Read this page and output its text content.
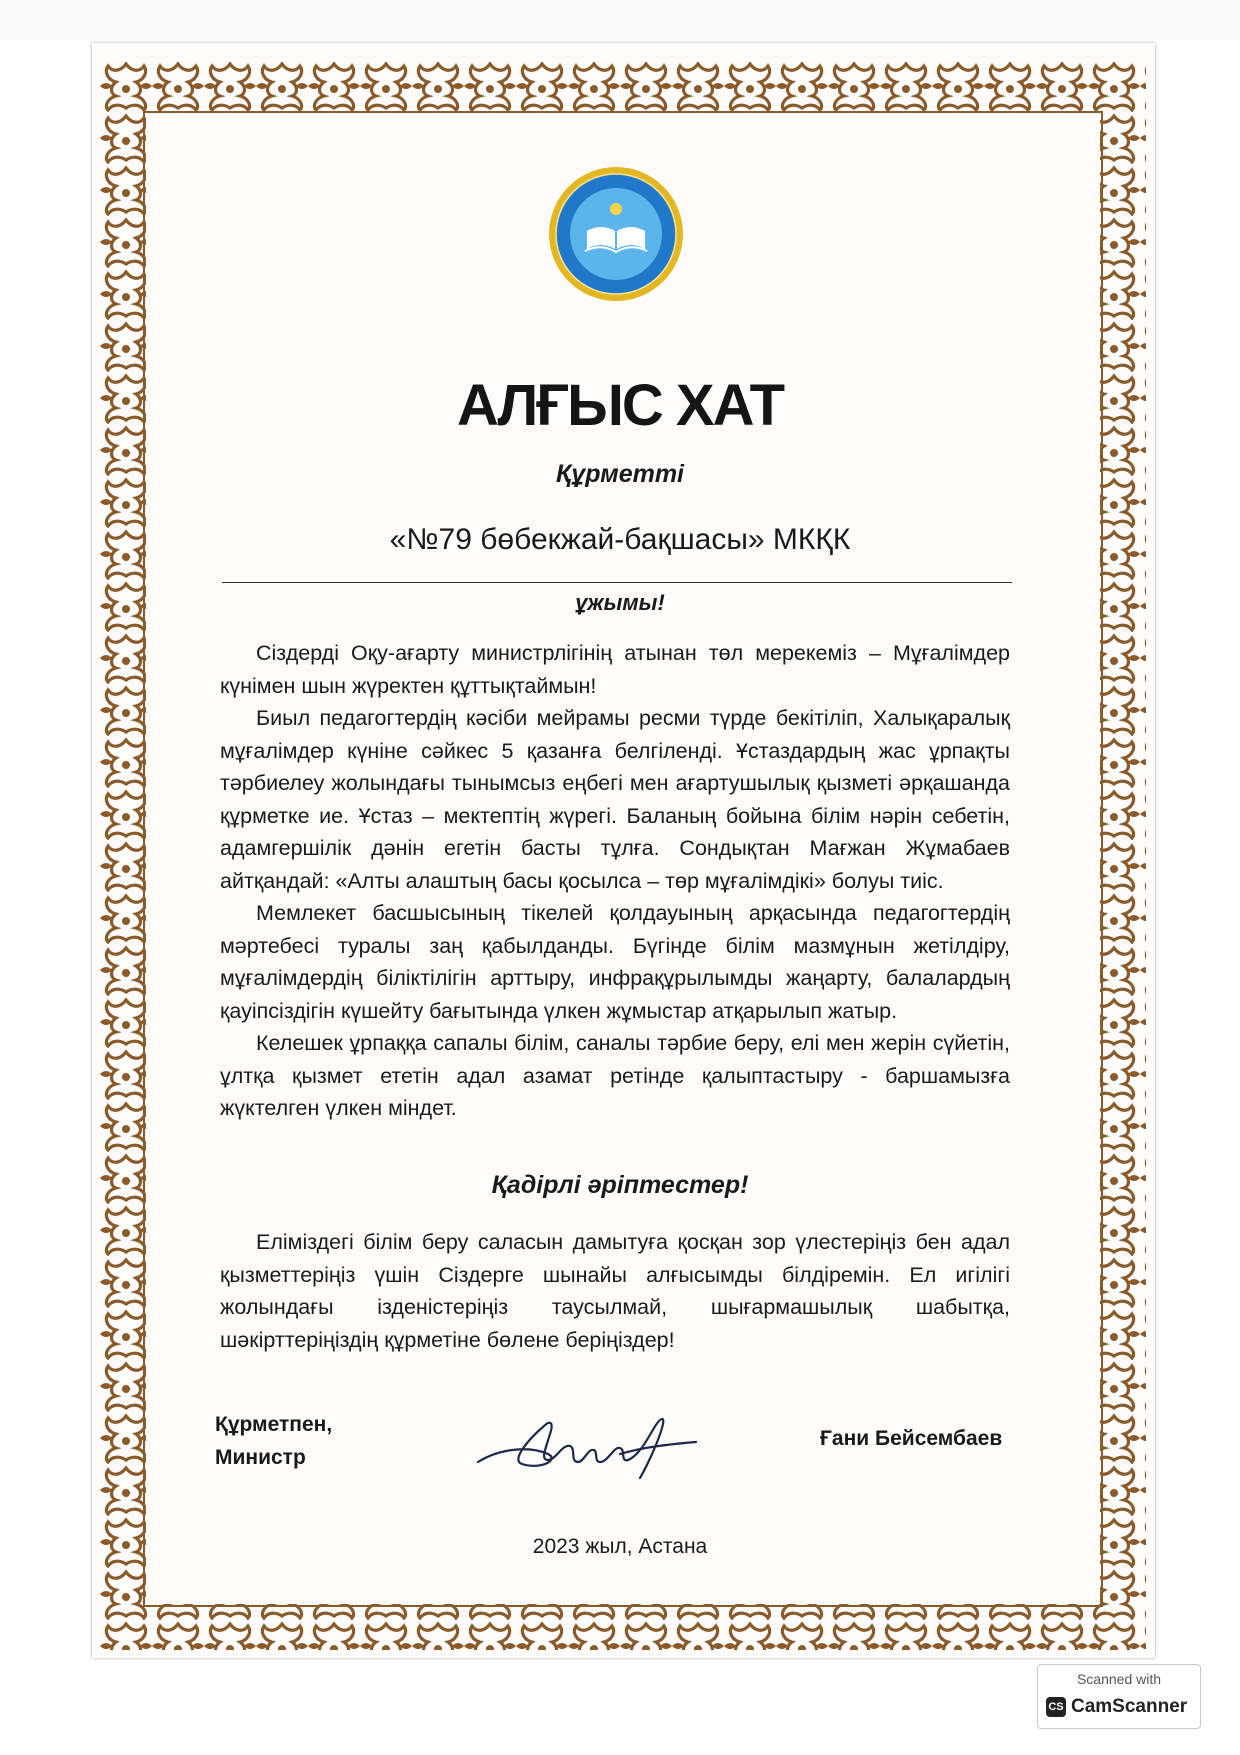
АЛҒЫС ХАТ
Құрметті
«№79 бөбекжай-бақшасы» МКҚК
ұжымы!

Сіздерді Оқу-ағарту министрлігінің атынан төл мерекеміз – Мұғалімдер күнімен шын жүректен құттықтаймын!

Биыл педагогтердің кәсіби мейрамы ресми түрде бекітіліп, Халықаралық мұғалімдер күніне сәйкес 5 қазанға белгіленді. Ұстаздардың жас ұрпақты тәрбиелеу жолындағы тынымсыз еңбегі мен ағартушылық қызметі әрқашанда құрметке ие. Ұстаз – мектептің жүрегі. Баланың бойына білім нәрін себетін, адамгершілік дәнін егетін басты тұлға. Сондықтан Мағжан Жұмабаев айтқандай: «Алты алаштың басы қосылса – төр мұғалімдікі» болуы тиіс.

Мемлекет басшысының тікелей қолдауының арқасында педагогтердің мәртебесі туралы заң қабылданды. Бүгінде білім мазмұнын жетілдіру, мұғалімдердің біліктілігін арттыру, инфрақұрылымды жаңарту, балалардың қауіпсіздігін күшейту бағытында үлкен жұмыстар атқарылып жатыр.

Келешек ұрпаққа сапалы білім, саналы тәрбие беру, елі мен жерін сүйетін, ұлтқа қызмет ететін адал азамат ретінде қалыптастыру - баршамызға жүктелген үлкен міндет.

Қадірлі әріптестер!

Еліміздегі білім беру саласын дамытуға қосқан зор үлестеріңіз бен адал қызметтеріңіз үшін Сіздерге шынайы алғысымды білдіремін. Ел игілігі жолындағы ізденістеріңіз таусылмай, шығармашылық шабытқа, шәкірттеріңіздің құрметіне бөлене беріңіздер!

Құрметпен,
Министр
Ғани Бейсембаев
2023 жыл, Астана
Scanned with
CS CamScanner
